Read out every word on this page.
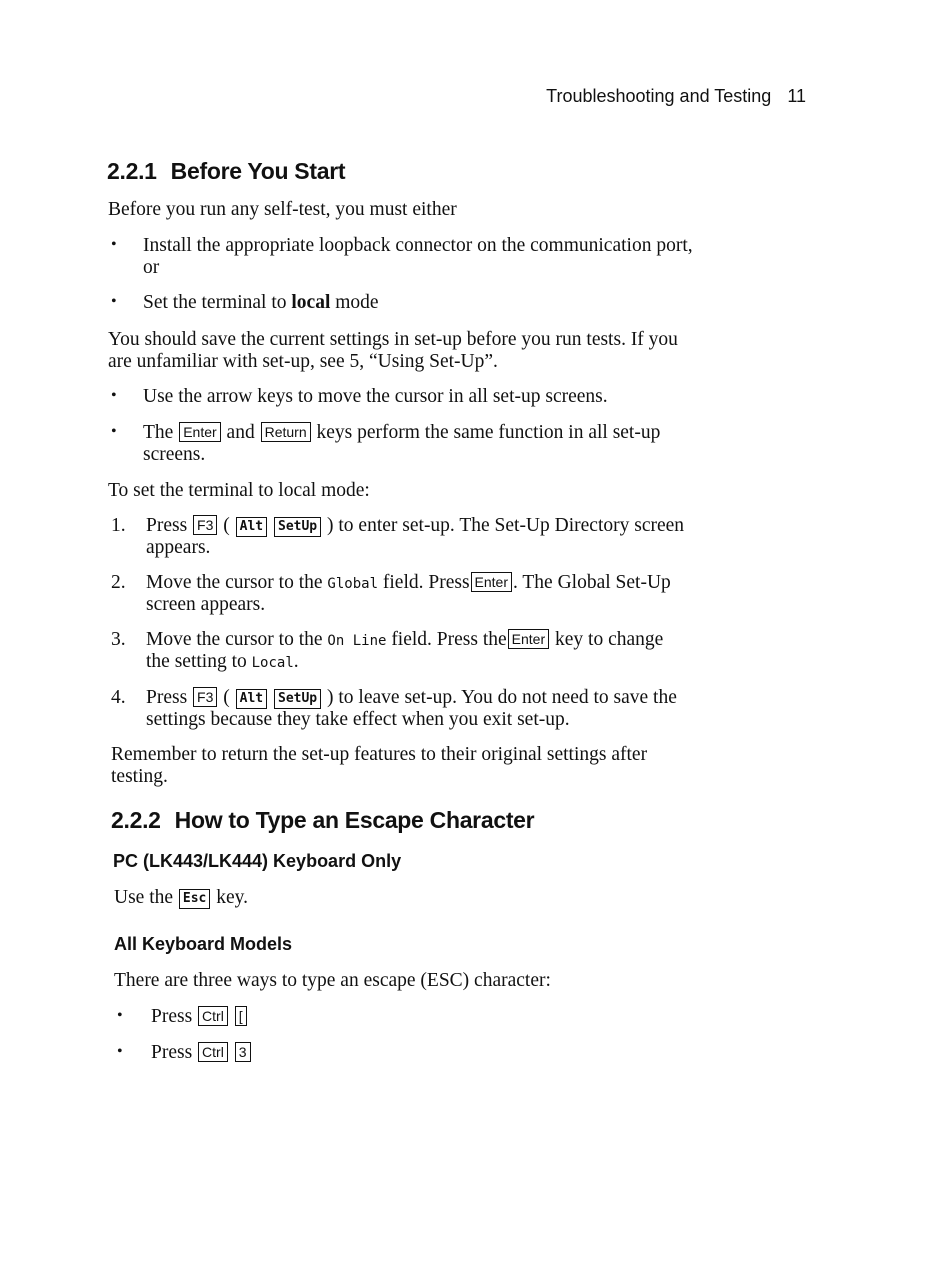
Troubleshooting and Testing 11
2.2.1 Before You Start
Before you run any self-test, you must either
• Install the appropriate loopback connector on the communication port,
or
• Set the terminal to local mode
You should save the current settings in set-up before you run tests. If you
are unfamiliar with set-up, see 5, “Using Set-Up”.
• Use the arrow keys to move the cursor in all set-up screens.
• The Enter and Return keys perform the same function in all set-up
screens.
To set the terminal to local mode:
1. Press F3 ( Alt SetUp ) to enter set-up. The Set-Up Directory screen
appears.
2. Move the cursor to the Global field. Press Enter . The Global Set-Up
screen appears.
3. Move the cursor to the On Line field. Press the Enter key to change
the setting to Local.
4. Press F3 ( Alt SetUp ) to leave set-up. You do not need to save the
settings because they take effect when you exit set-up.
Remember to return the set-up features to their original settings after
testing.
2.2.2 How to Type an Escape Character
PC (LK443/LK444) Keyboard Only
Use the Esc key.
All Keyboard Models
There are three ways to type an escape (ESC) character:
• Press Ctrl [
• Press Ctrl 3
